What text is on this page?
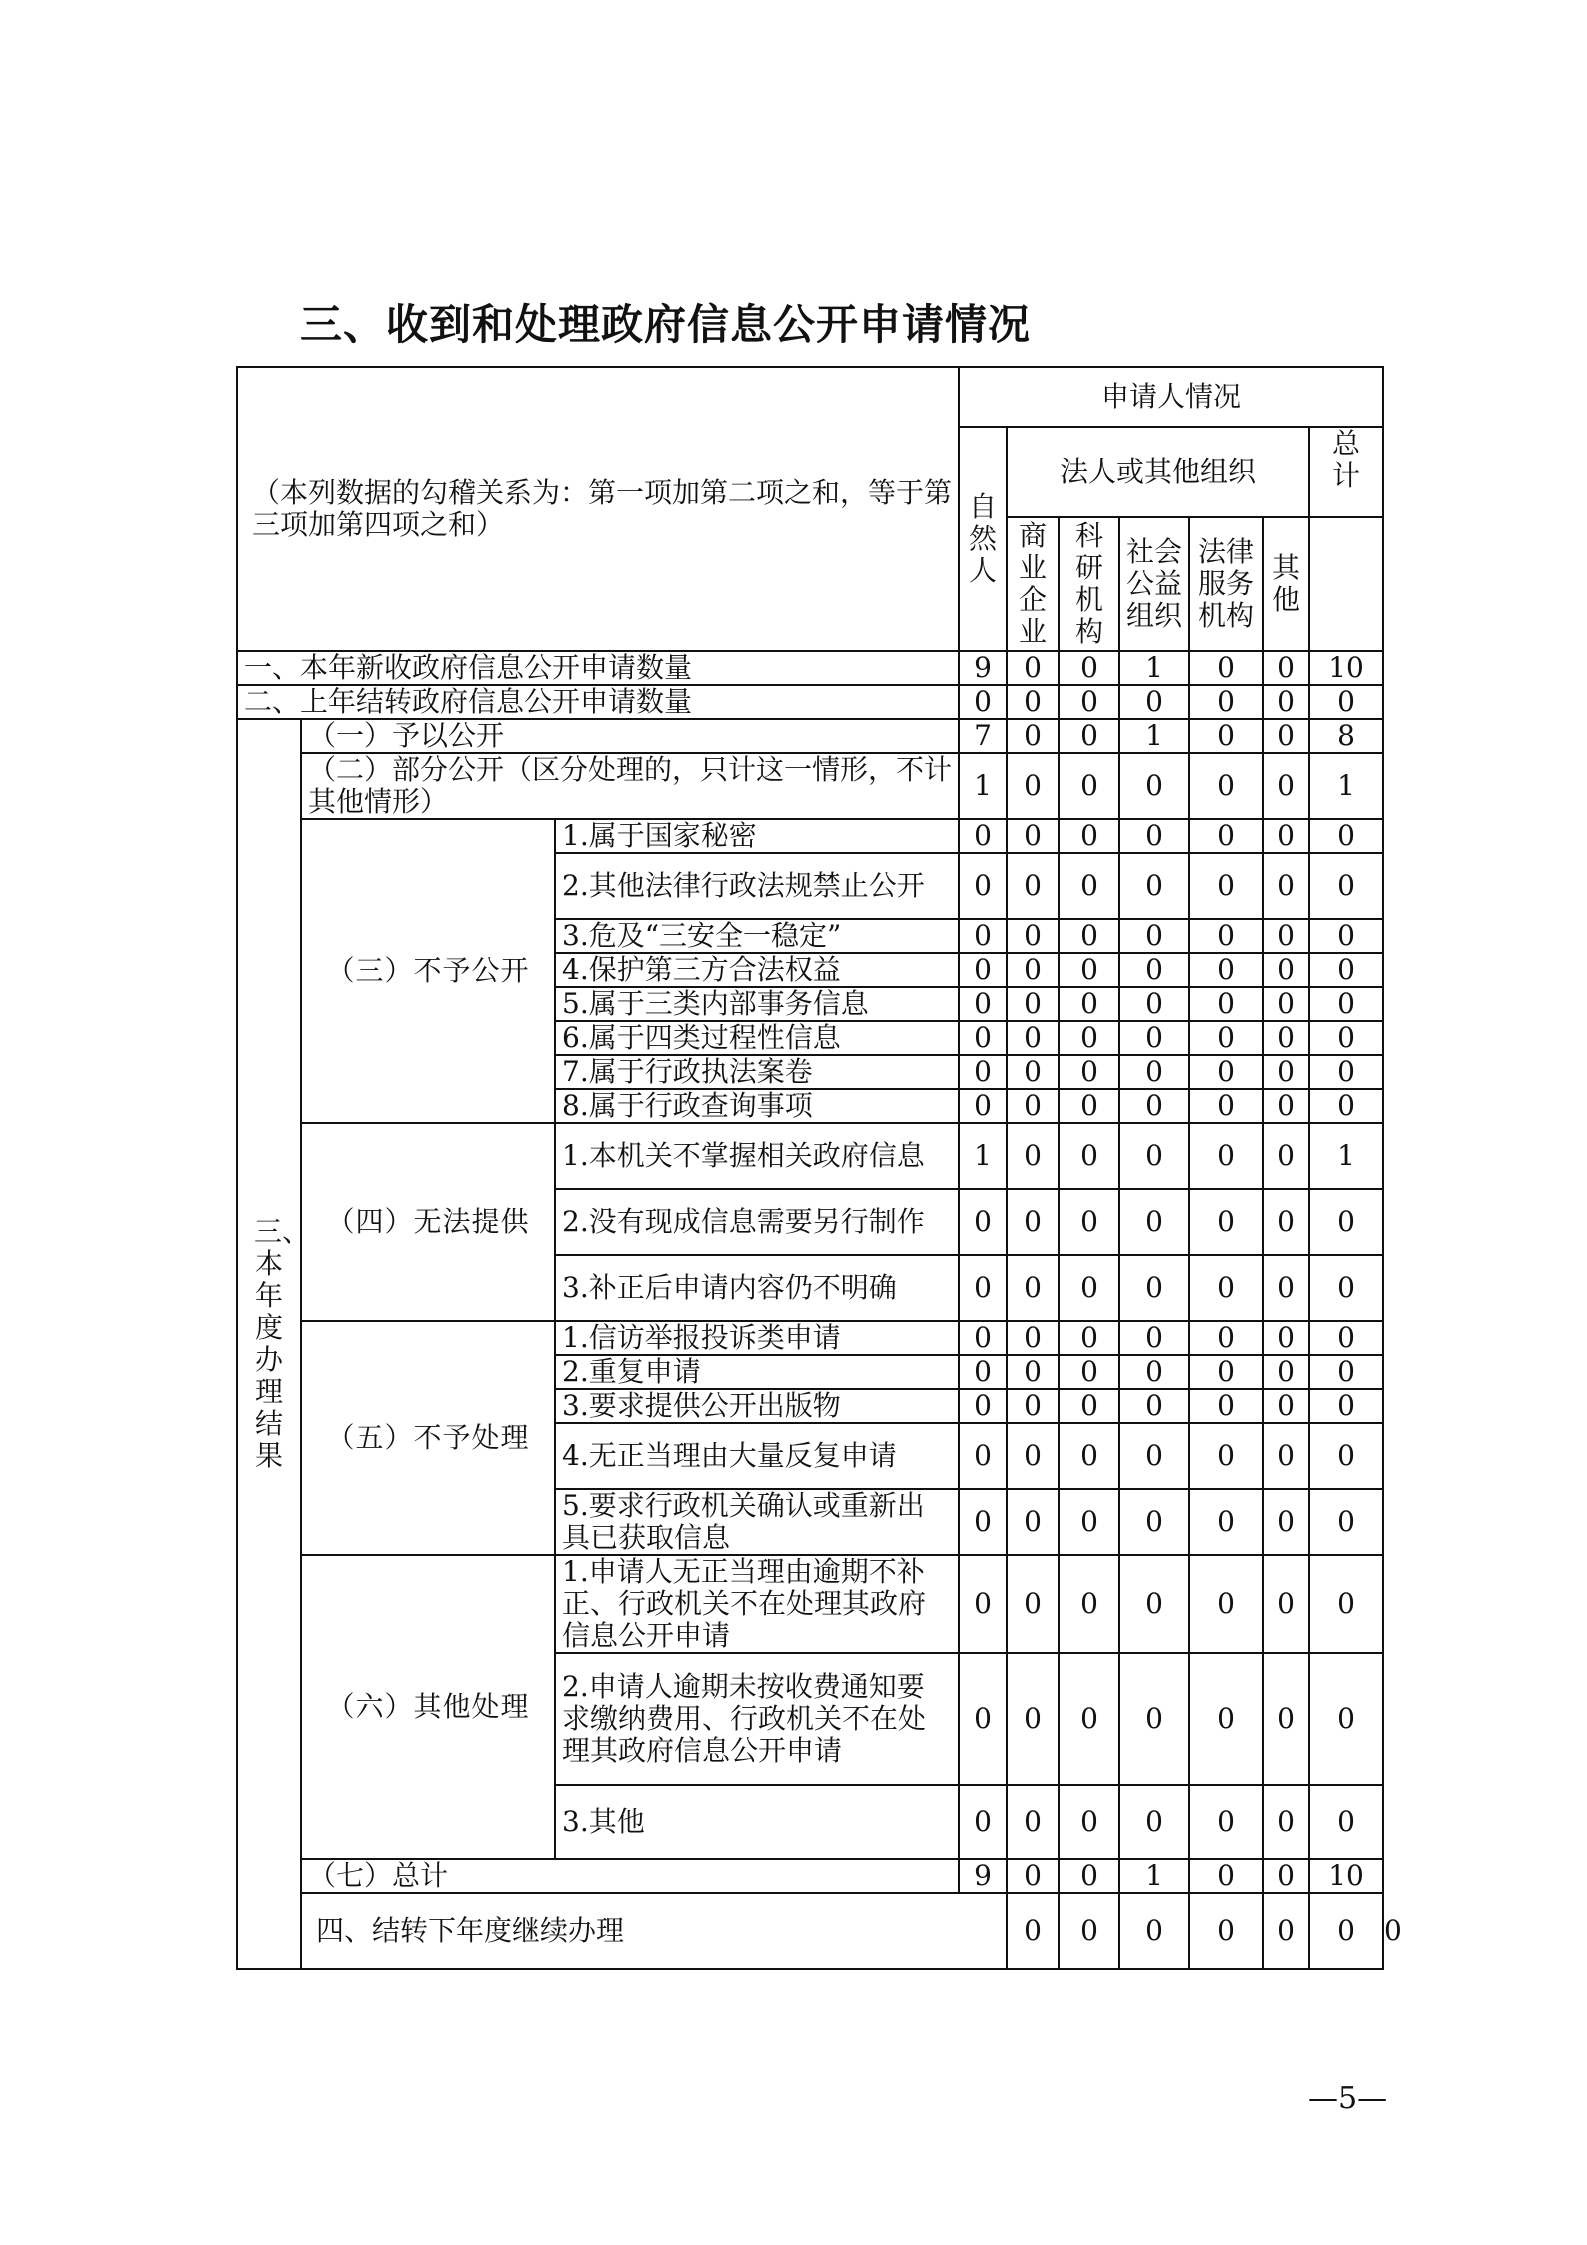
三、收到和处理政府信息公开申请情况
（本列数据的勾稽关系为：第一项加第二项之和，等于第三项加第四项之和）			申请人情况							
			自然人	法人或其他组织					总计	
				商业企业	科研机构	社会公益组织	法律服务机构	其他		
一、本年新收政府信息公开申请数量			9	0	0	1	0	0	10	
二、上年结转政府信息公开申请数量			0	0	0	0	0	0	0	
三、本年度办理结果	（一）予以公开		7	0	0	1	0	0	8	
	（二）部分公开（区分处理的，只计这一情形，不计其他情形）		1	0	0	0	0	0	1	
	（三）不予公开	1.属于国家秘密	0	0	0	0	0	0	0	
		2.其他法律行政法规禁止公开	0	0	0	0	0	0	0	
		3.危及“三安全一稳定”	0	0	0	0	0	0	0	
		4.保护第三方合法权益	0	0	0	0	0	0	0	
		5.属于三类内部事务信息	0	0	0	0	0	0	0	
		6.属于四类过程性信息	0	0	0	0	0	0	0	
		7.属于行政执法案卷	0	0	0	0	0	0	0	
		8.属于行政查询事项	0	0	0	0	0	0	0	
	（四）无法提供	1.本机关不掌握相关政府信息	1	0	0	0	0	0	1	
		2.没有现成信息需要另行制作	0	0	0	0	0	0	0	
		3.补正后申请内容仍不明确	0	0	0	0	0	0	0	
	（五）不予处理	1.信访举报投诉类申请	0	0	0	0	0	0	0	
		2.重复申请	0	0	0	0	0	0	0	
		3.要求提供公开出版物	0	0	0	0	0	0	0	
		4.无正当理由大量反复申请	0	0	0	0	0	0	0	
		5.要求行政机关确认或重新出具已获取信息	0	0	0	0	0	0	0	
	（六）其他处理	1.申请人无正当理由逾期不补正、行政机关不在处理其政府信息公开申请	0	0	0	0	0	0	0	
		2.申请人逾期未按收费通知要求缴纳费用、行政机关不在处理其政府信息公开申请	0	0	0	0	0	0	0	
		3.其他	0	0	0	0	0	0	0	
	（七）总计		9	0	0	1	0	0	10	
	四、结转下年度继续办理			0	0	0	0	0	0	0
—5—
